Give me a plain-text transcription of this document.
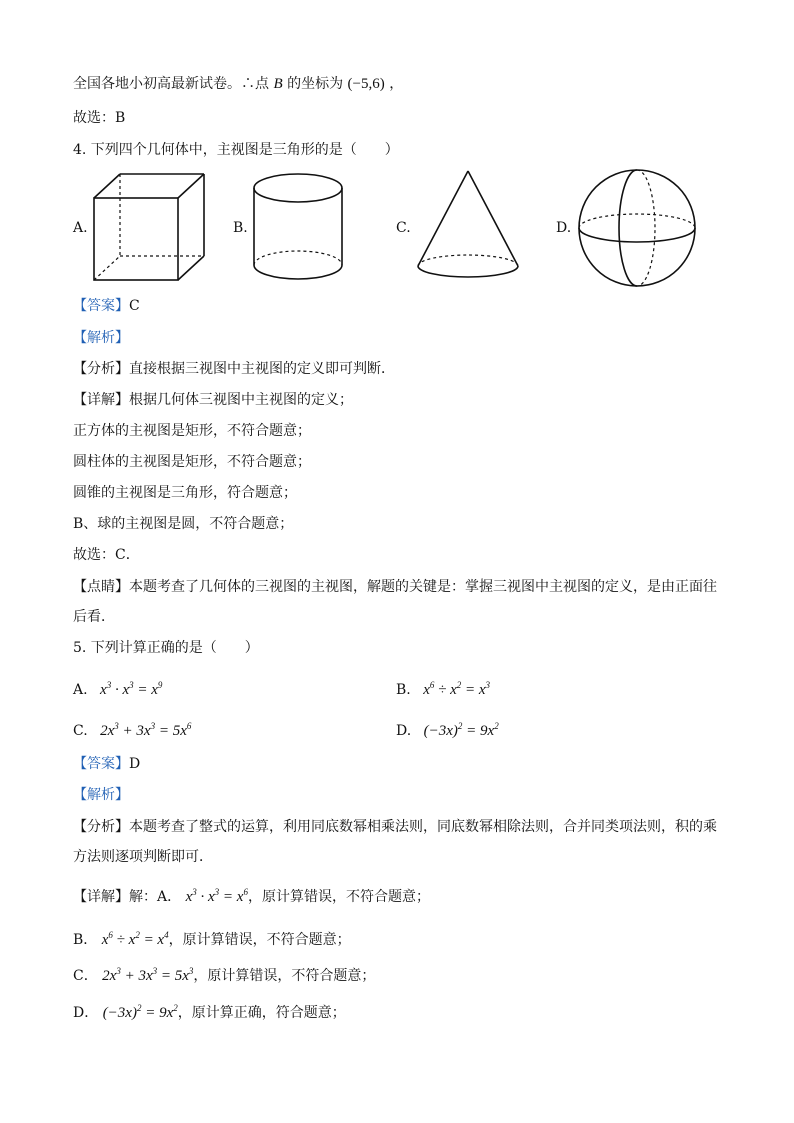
全国各地小初高最新试卷。∴点 B 的坐标为 (−5,6) ，
故选：B
4. 下列四个几何体中，主视图是三角形的是（　　）
A.	B.	C.	D.
【答案】C
【解析】
【分析】直接根据三视图中主视图的定义即可判断．
【详解】根据几何体三视图中主视图的定义；
正方体的主视图是矩形，不符合题意；
圆柱体的主视图是矩形，不符合题意；
圆锥的主视图是三角形，符合题意；
B、球的主视图是圆，不符合题意；
故选：C．
【点睛】本题考查了几何体的三视图的主视图，解题的关键是：掌握三视图中主视图的定义，是由正面往
后看．
5. 下列计算正确的是（　　）
A. $x^3 \cdot x^3 = x^9$	B. $x^6 \div x^2 = x^3$
C. $2x^3 + 3x^3 = 5x^6$	D. $(-3x)^2 = 9x^2$
【答案】D
【解析】
【分析】本题考查了整式的运算，利用同底数幂相乘法则，同底数幂相除法则，合并同类项法则，积的乘
方法则逐项判断即可．
【详解】解：A． $x^3 \cdot x^3 = x^6$，原计算错误，不符合题意；
B． $x^6 \div x^2 = x^4$，原计算错误，不符合题意；
C． $2x^3 + 3x^3 = 5x^3$，原计算错误，不符合题意；
D． $(-3x)^2 = 9x^2$，原计算正确，符合题意；
